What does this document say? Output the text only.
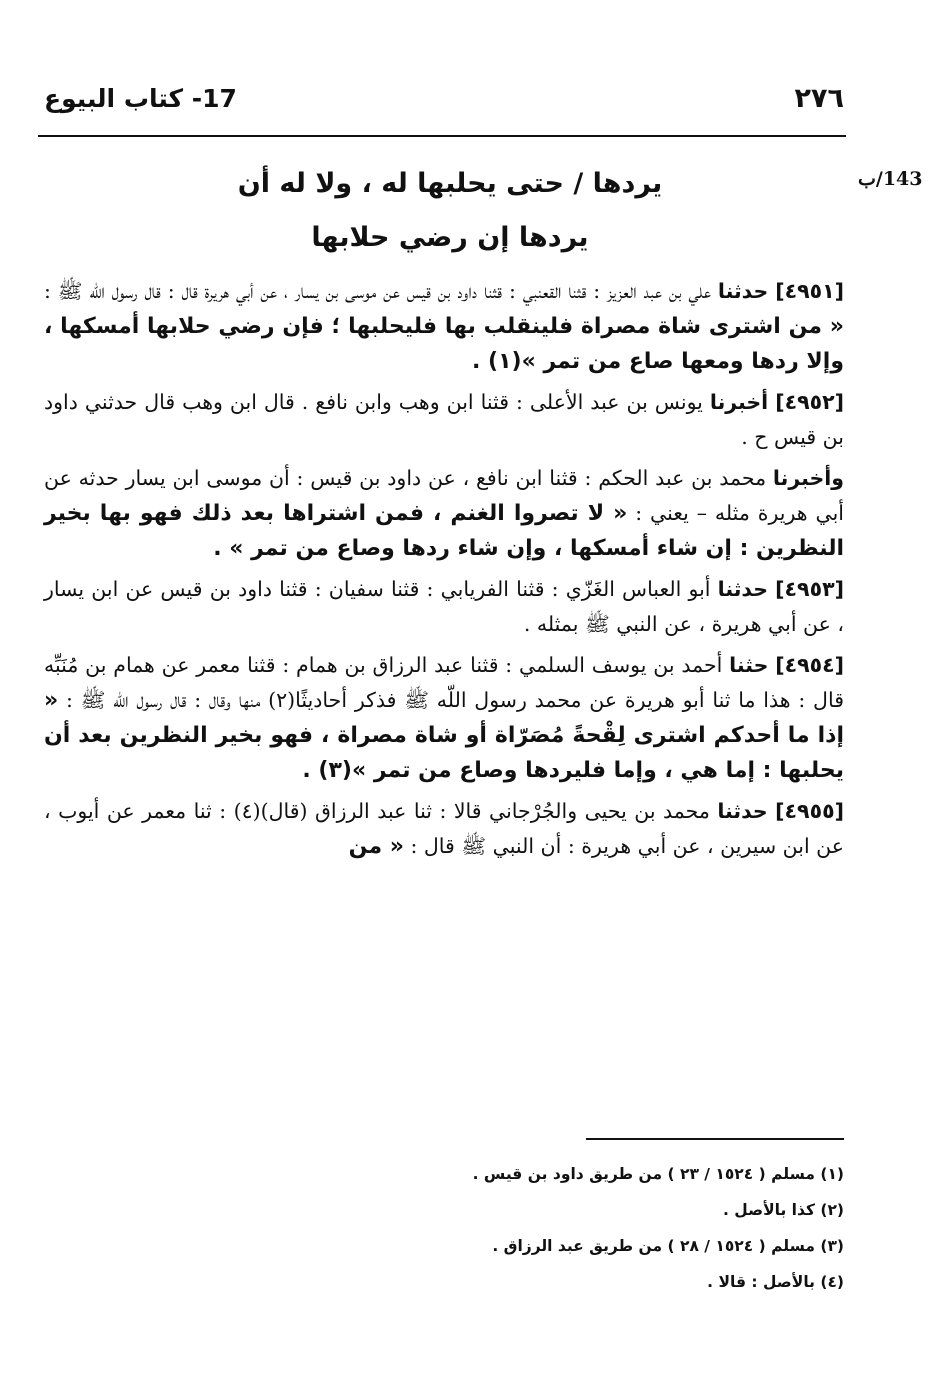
17- كتاب البيوع	٢٧٦
143/ب
يردها / حتى يحلبها له ، ولا له أن
يردها إن رضي حلابها

[٤٩٥١] حدثنا علي بن عبد العزيز : قثنا القعنبي : قثنا داود بن قيس عن موسى بن يسار ، عن أبي هريرة قال : قال رسول اللّه ﷺ : « من اشترى شاة مصراة فلينقلب بها فليحلبها ؛ فإن رضي حلابها أمسكها ، وإلا ردها ومعها صاع من تمر »(١) .

[٤٩٥٢] أخبرنا يونس بن عبد الأعلى : قثنا ابن وهب وابن نافع . قال ابن وهب قال حدثني داود بن قيس ح .

وأخبرنا محمد بن عبد الحكم : قثنا ابن نافع ، عن داود بن قيس : أن موسى ابن يسار حدثه عن أبي هريرة مثله – يعني : « لا تصروا الغنم ، فمن اشتراها بعد ذلك فهو بها بخير النظرين : إن شاء أمسكها ، وإن شاء ردها وصاع من تمر » .

[٤٩٥٣] حدثنا أبو العباس الغَزّي : قثنا الفريابي : قثنا سفيان : قثنا داود بن قيس عن ابن يسار ، عن أبي هريرة ، عن النبي ﷺ بمثله .

[٤٩٥٤] حثنا أحمد بن يوسف السلمي : قثنا عبد الرزاق بن همام : قثنا معمر عن همام بن مُنَبِّه قال : هذا ما ثنا أبو هريرة عن محمد رسول اللّه ﷺ فذكر أحاديثًا(٢) منها وقال : قال رسول اللّه ﷺ : « إذا ما أحدكم اشترى لِقْحةً مُصَرّاة أو شاة مصراة ، فهو بخير النظرين بعد أن يحلبها : إما هي ، وإما فليردها وصاع من تمر »(٣) .

[٤٩٥٥] حدثنا محمد بن يحيى والجُرْجاني قالا : ثنا عبد الرزاق (قال)(٤) : ثنا معمر عن أيوب ، عن ابن سيرين ، عن أبي هريرة : أن النبي ﷺ قال : « من

(١) مسلم ( ١٥٢٤ / ٢٣ ) من طريق داود بن قيس .

(٢) كذا بالأصل .

(٣) مسلم ( ١٥٢٤ / ٢٨ ) من طريق عبد الرزاق .

(٤) بالأصل : قالا .
